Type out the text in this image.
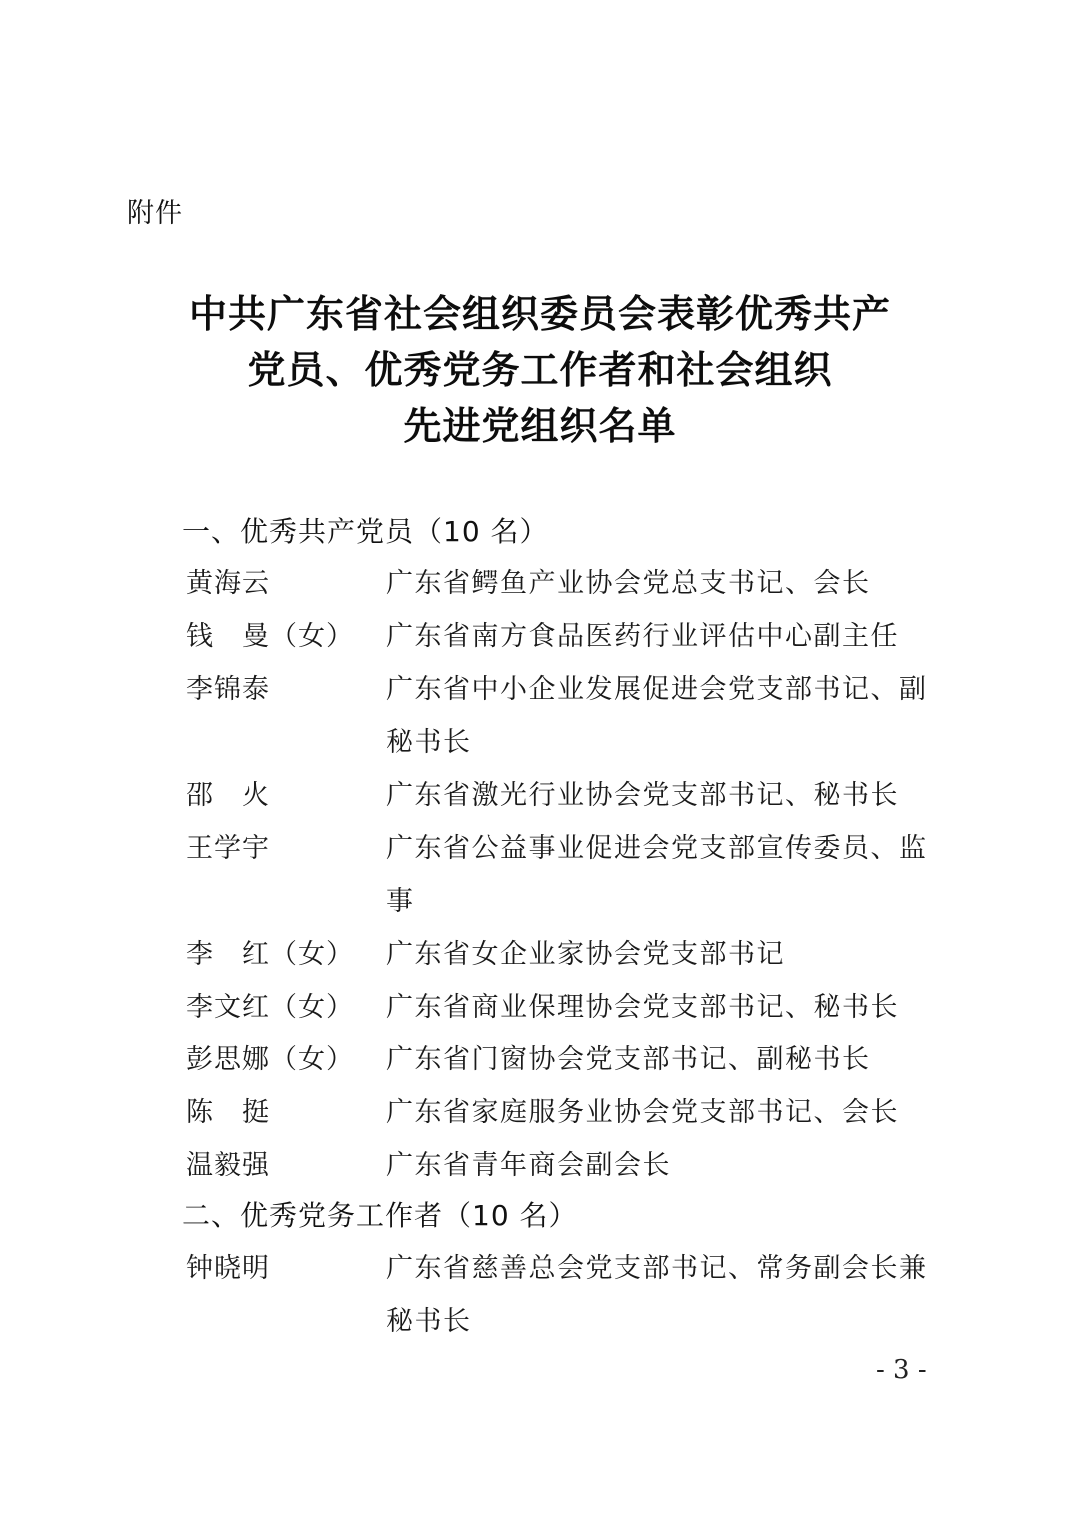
附件
中共广东省社会组织委员会表彰优秀共产
党员、优秀党务工作者和社会组织
先进党组织名单
一、优秀共产党员（10 名）
黄海云	广东省鳄鱼产业协会党总支书记、会长
钱　曼（女）	广东省南方食品医药行业评估中心副主任
李锦泰	广东省中小企业发展促进会党支部书记、副秘书长
邵　火	广东省激光行业协会党支部书记、秘书长
王学宇	广东省公益事业促进会党支部宣传委员、监事
李　红（女）	广东省女企业家协会党支部书记
李文红（女）	广东省商业保理协会党支部书记、秘书长
彭思娜（女）	广东省门窗协会党支部书记、副秘书长
陈　挺	广东省家庭服务业协会党支部书记、会长
温毅强	广东省青年商会副会长
二、优秀党务工作者（10 名）
钟晓明	广东省慈善总会党支部书记、常务副会长兼秘书长
- 3 -
